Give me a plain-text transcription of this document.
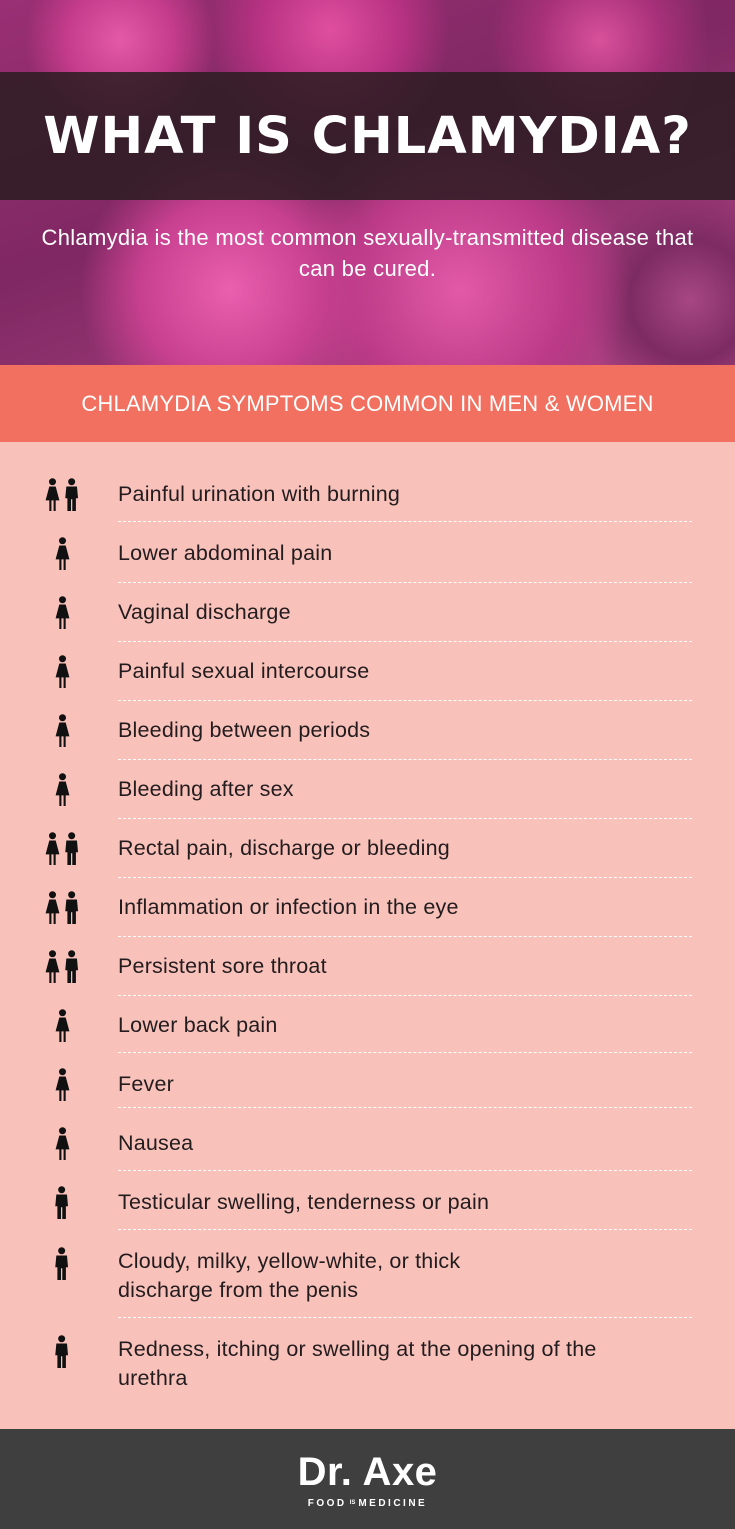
WHAT IS CHLAMYDIA?

Chlamydia is the most common sexually-transmitted disease that can be cured.

CHLAMYDIA SYMPTOMS COMMON IN MEN & WOMEN
Painful urination with burning
Lower abdominal pain
Vaginal discharge
Painful sexual intercourse
Bleeding between periods
Bleeding after sex
Rectal pain, discharge or bleeding
Inflammation or infection in the eye
Persistent sore throat
Lower back pain
Fever
Nausea
Testicular swelling, tenderness or pain
Cloudy, milky, yellow-white, or thick discharge from the penis
Redness, itching or swelling at the opening of the urethra
Dr. Axe
FOOD IS MEDICINE
